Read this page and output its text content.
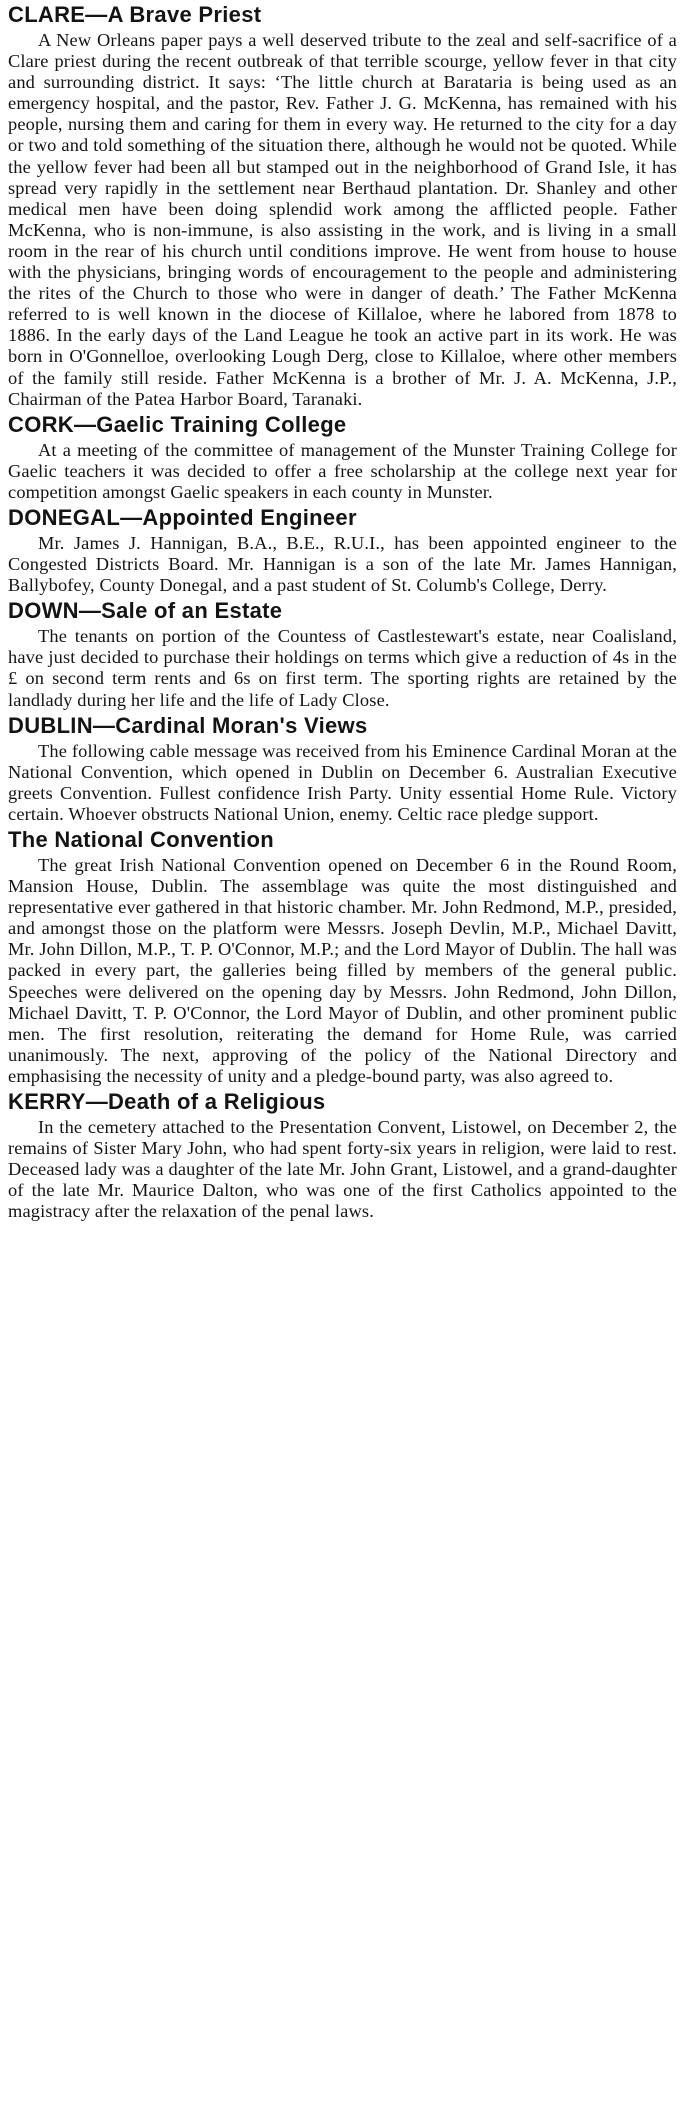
CLARE—A Brave Priest

A New Orleans paper pays a well deserved tribute to the zeal and self-sacrifice of a Clare priest during the recent outbreak of that terrible scourge, yellow fever in that city and surrounding district. It says: ‘The little church at Barataria is being used as an emergency hospital, and the pastor, Rev. Father J. G. McKenna, has remained with his people, nursing them and caring for them in every way. He returned to the city for a day or two and told something of the situation there, although he would not be quoted. While the yellow fever had been all but stamped out in the neighborhood of Grand Isle, it has spread very rapidly in the settlement near Berthaud plantation. Dr. Shanley and other medical men have been doing splendid work among the afflicted people. Father McKenna, who is non-immune, is also assisting in the work, and is living in a small room in the rear of his church until conditions improve. He went from house to house with the physicians, bringing words of encouragement to the people and administering the rites of the Church to those who were in danger of death.’ The Father McKenna referred to is well known in the diocese of Killaloe, where he labored from 1878 to 1886. In the early days of the Land League he took an active part in its work. He was born in O'Gonnelloe, overlooking Lough Derg, close to Killaloe, where other members of the family still reside. Father McKenna is a brother of Mr. J. A. McKenna, J.P., Chairman of the Patea Harbor Board, Taranaki.

CORK—Gaelic Training College

At a meeting of the committee of management of the Munster Training College for Gaelic teachers it was decided to offer a free scholarship at the college next year for competition amongst Gaelic speakers in each county in Munster.

DONEGAL—Appointed Engineer

Mr. James J. Hannigan, B.A., B.E., R.U.I., has been appointed engineer to the Congested Districts Board. Mr. Hannigan is a son of the late Mr. James Hannigan, Ballybofey, County Donegal, and a past student of St. Columb's College, Derry.

DOWN—Sale of an Estate

The tenants on portion of the Countess of Castlestewart's estate, near Coalisland, have just decided to purchase their holdings on terms which give a reduction of 4s in the £ on second term rents and 6s on first term. The sporting rights are retained by the landlady during her life and the life of Lady Close.

DUBLIN—Cardinal Moran's Views

The following cable message was received from his Eminence Cardinal Moran at the National Convention, which opened in Dublin on December 6. Australian Executive greets Convention. Fullest confidence Irish Party. Unity essential Home Rule. Victory certain. Whoever obstructs National Union, enemy. Celtic race pledge support.

The National Convention

The great Irish National Convention opened on December 6 in the Round Room, Mansion House, Dublin. The assemblage was quite the most distinguished and representative ever gathered in that historic chamber. Mr. John Redmond, M.P., presided, and amongst those on the platform were Messrs. Joseph Devlin, M.P., Michael Davitt, Mr. John Dillon, M.P., T. P. O'Connor, M.P.; and the Lord Mayor of Dublin. The hall was packed in every part, the galleries being filled by members of the general public. Speeches were delivered on the opening day by Messrs. John Redmond, John Dillon, Michael Davitt, T. P. O'Connor, the Lord Mayor of Dublin, and other prominent public men. The first resolution, reiterating the demand for Home Rule, was carried unanimously. The next, approving of the policy of the National Directory and emphasising the necessity of unity and a pledge-bound party, was also agreed to.

KERRY—Death of a Religious

In the cemetery attached to the Presentation Convent, Listowel, on December 2, the remains of Sister Mary John, who had spent forty-six years in religion, were laid to rest. Deceased lady was a daughter of the late Mr. John Grant, Listowel, and a grand-daughter of the late Mr. Maurice Dalton, who was one of the first Catholics appointed to the magistracy after the relaxation of the penal laws.
